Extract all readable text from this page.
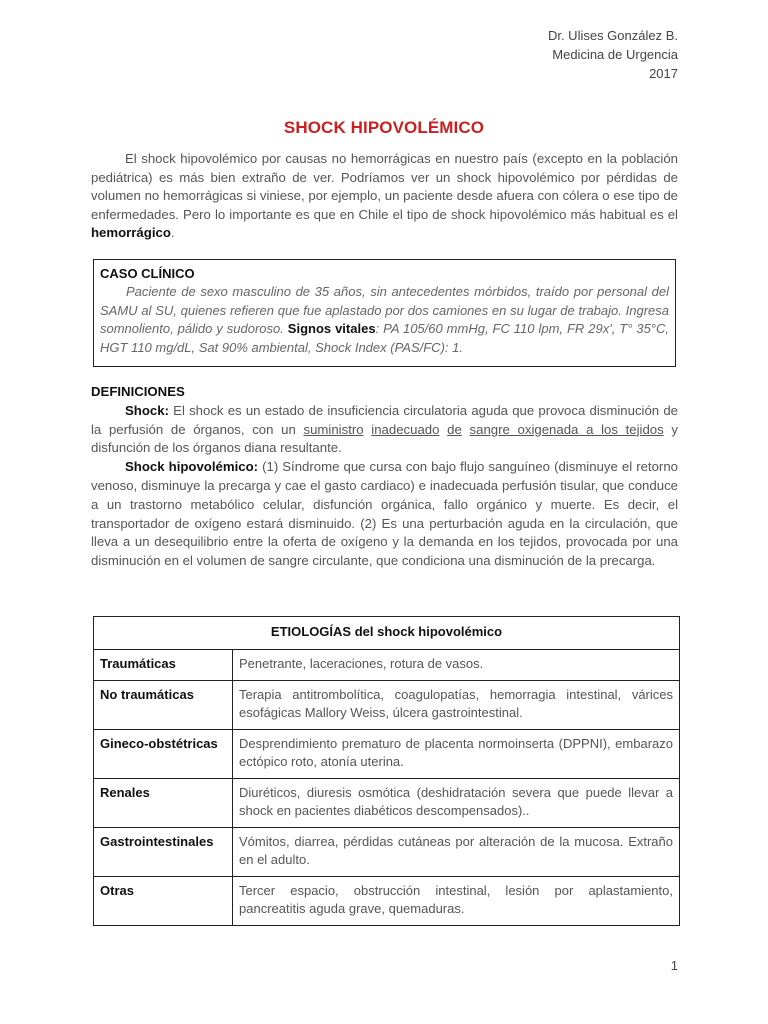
Dr. Ulises González B.
Medicina de Urgencia
2017
SHOCK HIPOVOLÉMICO
El shock hipovolémico por causas no hemorrágicas en nuestro país (excepto en la población pediátrica) es más bien extraño de ver. Podríamos ver un shock hipovolémico por pérdidas de volumen no hemorrágicas si viniese, por ejemplo, un paciente desde afuera con cólera o ese tipo de enfermedades. Pero lo importante es que en Chile el tipo de shock hipovolémico más habitual es el hemorrágico.
CASO CLÍNICO
Paciente de sexo masculino de 35 años, sin antecedentes mórbidos, traído por personal del SAMU al SU, quienes refieren que fue aplastado por dos camiones en su lugar de trabajo. Ingresa somnoliento, pálido y sudoroso. Signos vitales: PA 105/60 mmHg, FC 110 lpm, FR 29x', T° 35°C, HGT 110 mg/dL, Sat 90% ambiental, Shock Index (PAS/FC): 1.
DEFINICIONES

Shock: El shock es un estado de insuficiencia circulatoria aguda que provoca disminución de la perfusión de órganos, con un suministro inadecuado de sangre oxigenada a los tejidos y disfunción de los órganos diana resultante.

Shock hipovolémico: (1) Síndrome que cursa con bajo flujo sanguíneo (disminuye el retorno venoso, disminuye la precarga y cae el gasto cardiaco) e inadecuada perfusión tisular, que conduce a un trastorno metabólico celular, disfunción orgánica, fallo orgánico y muerte. Es decir, el transportador de oxígeno estará disminuido. (2) Es una perturbación aguda en la circulación, que lleva a un desequilibrio entre la oferta de oxígeno y la demanda en los tejidos, provocada por una disminución en el volumen de sangre circulante, que condiciona una disminución de la precarga.

ETIOLOGÍAS del shock hipovolémico	
Traumáticas	Penetrante, laceraciones, rotura de vasos.
No traumáticas	Terapia antitrombolítica, coagulopatías, hemorragia intestinal, várices esofágicas Mallory Weiss, úlcera gastrointestinal.
Gineco-obstétricas	Desprendimiento prematuro de placenta normoinserta (DPPNI), embarazo ectópico roto, atonía uterina.
Renales	Diuréticos, diuresis osmótica (deshidratación severa que puede llevar a shock en pacientes diabéticos descompensados)..
Gastrointestinales	Vómitos, diarrea, pérdidas cutáneas por alteración de la mucosa. Extraño en el adulto.
Otras	Tercer espacio, obstrucción intestinal, lesión por aplastamiento, pancreatitis aguda grave, quemaduras.
1
